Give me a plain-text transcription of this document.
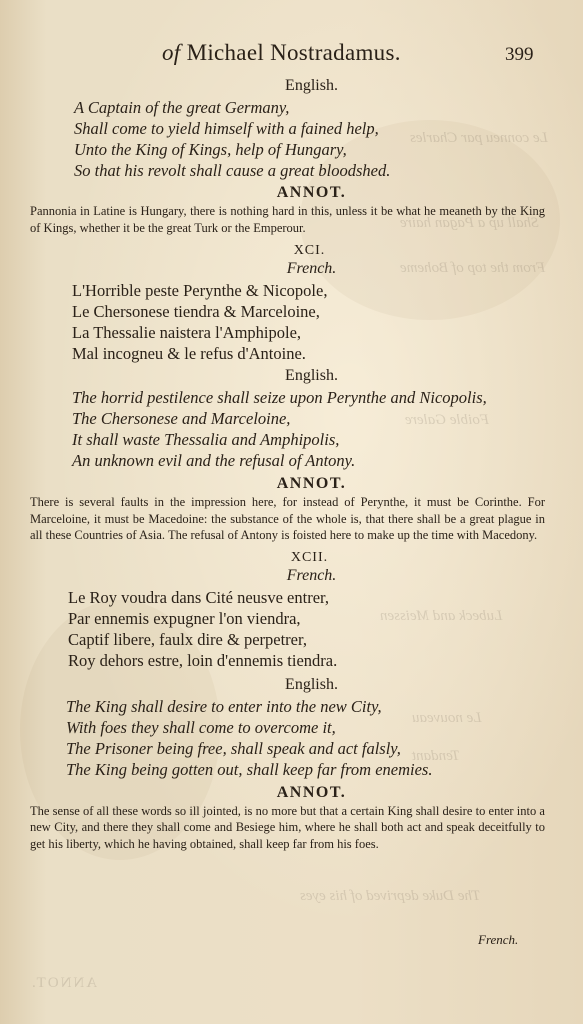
Le conneu par Charles
Shall up a Pagan haire
From the top of Boheme
Foible Galere
Lubeck and Meissen
Le nouveau
Tendant
The Duke deprived of his eyes
ANNOT.
of Michael Nostradamus.	399
English.
A Captain of the great Germany,
Shall come to yield himself with a fained help,
Unto the King of Kings, help of Hungary,
So that his revolt shall cause a great bloodshed.
ANNOT.
Pannonia in Latine is Hungary, there is nothing hard in this, unless it be what he meaneth by the King of Kings, whether it be the great Turk or the Emperour.
XCI.
French.
L'Horrible peste Perynthe & Nicopole,
Le Chersonese tiendra & Marceloine,
La Thessalie naistera l'Amphipole,
Mal incogneu & le refus d'Antoine.
English.
The horrid pestilence shall seize upon Perynthe and Nicopolis,
The Chersonese and Marceloine,
It shall waste Thessalia and Amphipolis,
An unknown evil and the refusal of Antony.
ANNOT.
There is several faults in the impression here, for instead of Perynthe, it must be Corinthe. For Marceloine, it must be Macedoine: the substance of the whole is, that there shall be a great plague in all these Countries of Asia. The refusal of Antony is foisted here to make up the time with Macedony.
XCII.
French.
Le Roy voudra dans Cité neusve entrer,
Par ennemis expugner l'on viendra,
Captif libere, faulx dire & perpetrer,
Roy dehors estre, loin d'ennemis tiendra.
English.
The King shall desire to enter into the new City,
With foes they shall come to overcome it,
The Prisoner being free, shall speak and act falsly,
The King being gotten out, shall keep far from enemies.
ANNOT.
The sense of all these words so ill jointed, is no more but that a certain King shall desire to enter into a new City, and there they shall come and Besiege him, where he shall both act and speak deceitfully to get his liberty, which he having obtained, shall keep far from his foes.
French.
